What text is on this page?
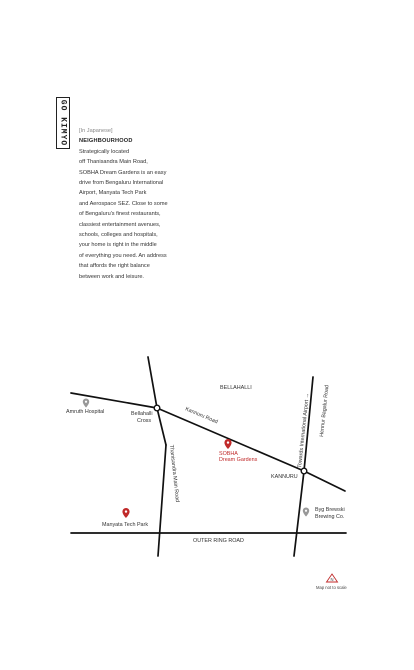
GO KIMYO [In Japanese]
NEIGHBOURHOOD
Strategically located
off Thanisandra Main Road,
SOBHA Dream Gardens is an easy
drive from Bengaluru International
Airport, Manyata Tech Park
and Aerospace SEZ. Close to some
of Bengaluru's finest restaurants,
classiest entertainment avenues,
schools, colleges and hospitals,
your home is right in the middle
of everything you need. An address
that affords the right balance
between work and leisure.
BELLAHALLI
KANNURU
Kannuru Road
Thanisandra Main Road
Towards International Airport → Hennur Bagalur Road
OUTER RING ROAD
Amruth Hospital	Bellahalli
Cross
SOBHA
Dream Gardens
Manyata Tech Park
Byg Brewski
Brewing Co.
N
Map not to scale
